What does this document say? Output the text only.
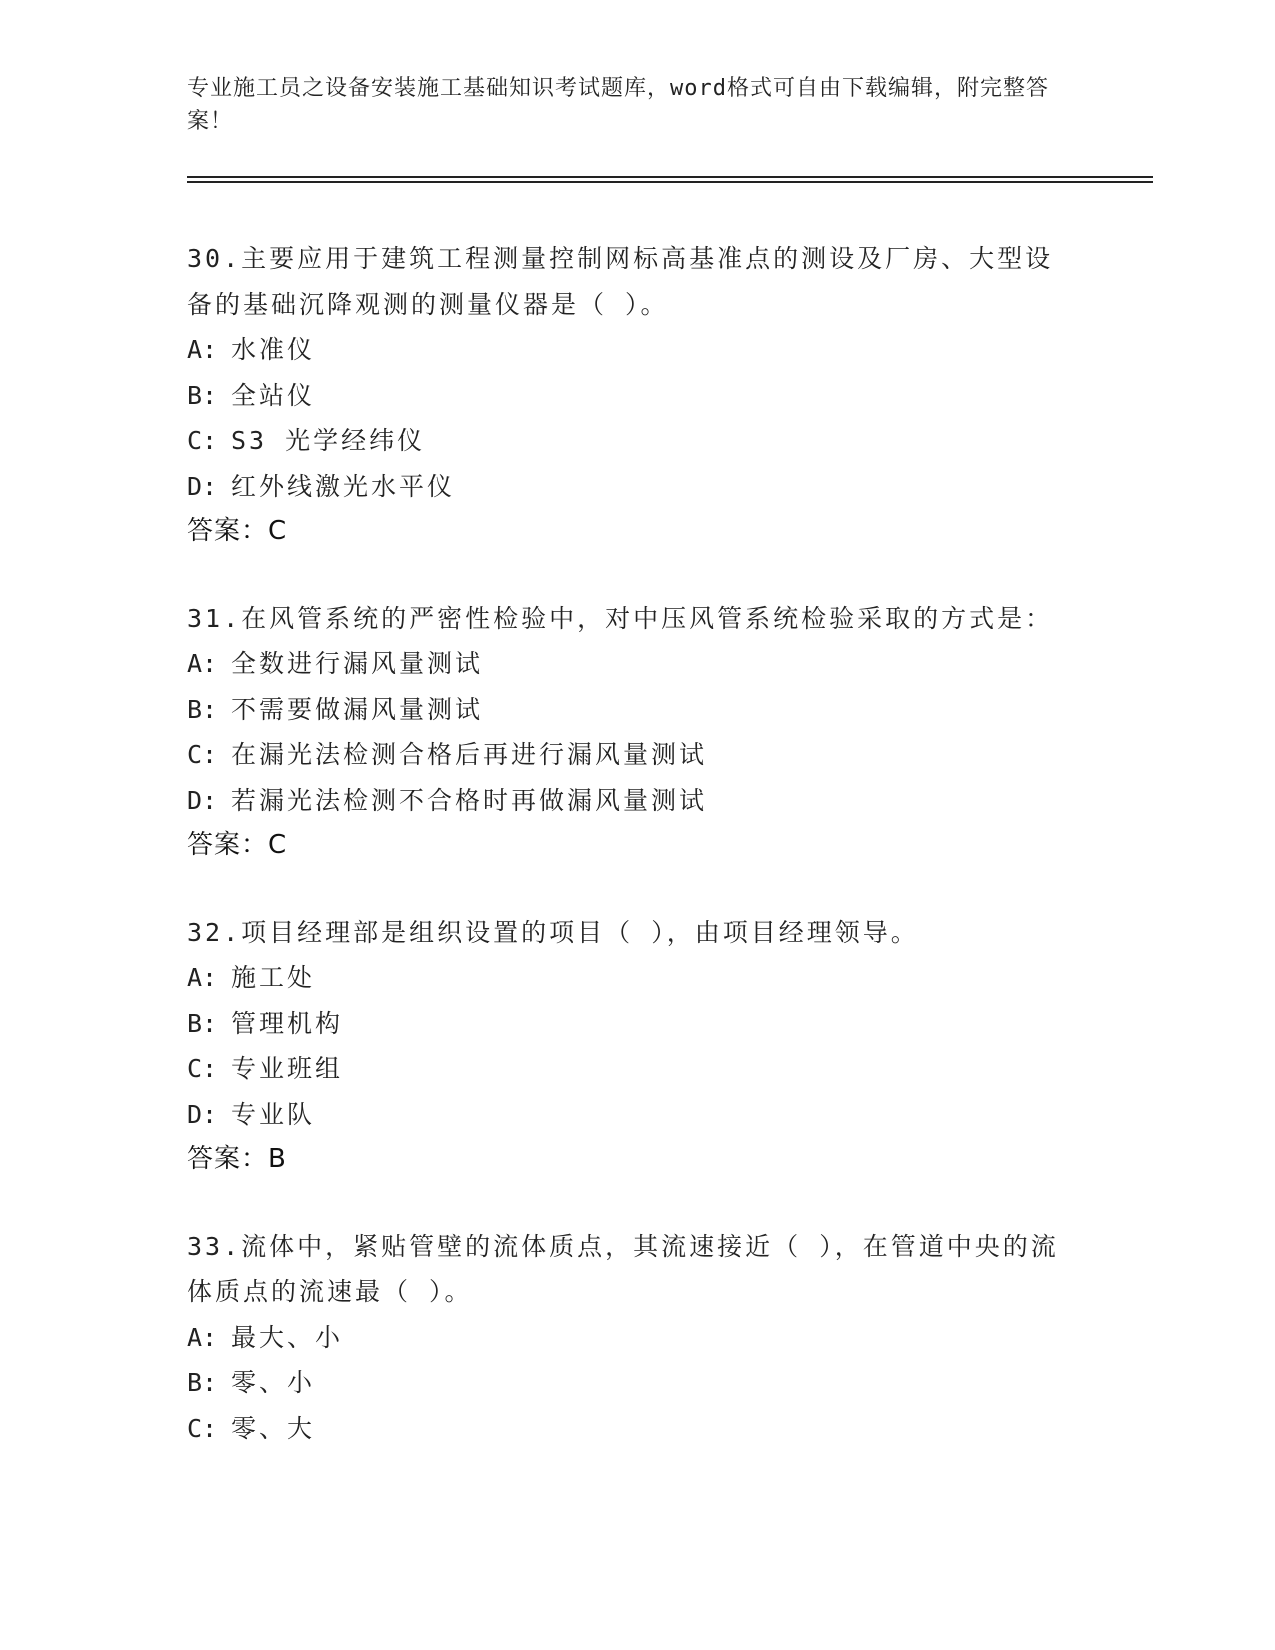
专业施工员之设备安装施工基础知识考试题库，word格式可自由下载编辑，附完整答案！
30.主要应用于建筑工程测量控制网标高基准点的测设及厂房、大型设备的基础沉降观测的测量仪器是（ ）。
A: 水准仪
B: 全站仪
C: S3 光学经纬仪
D: 红外线激光水平仪
答案：C
31.在风管系统的严密性检验中，对中压风管系统检验采取的方式是：
A: 全数进行漏风量测试
B: 不需要做漏风量测试
C: 在漏光法检测合格后再进行漏风量测试
D: 若漏光法检测不合格时再做漏风量测试
答案：C
32.项目经理部是组织设置的项目（ ），由项目经理领导。
A: 施工处
B: 管理机构
C: 专业班组
D: 专业队
答案：B
33.流体中，紧贴管壁的流体质点，其流速接近（ ），在管道中央的流体质点的流速最（ ）。
A: 最大、小
B: 零、小
C: 零、大
